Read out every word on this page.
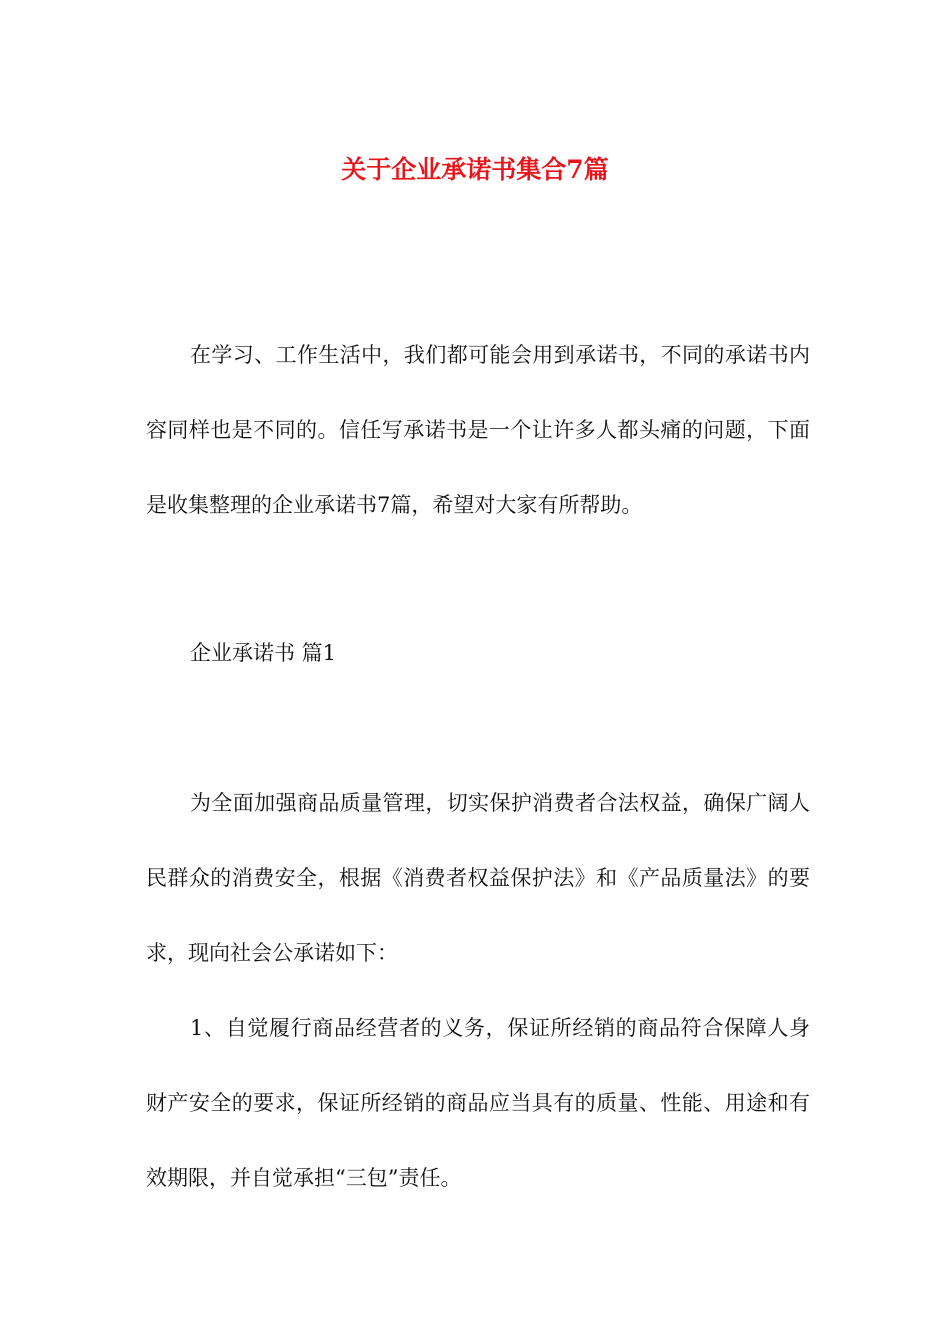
关于企业承诺书集合7篇

在学习、工作生活中，我们都可能会用到承诺书，不同的承诺书内容同样也是不同的。信任写承诺书是一个让许多人都头痛的问题，下面是收集整理的企业承诺书7篇，希望对大家有所帮助。

企业承诺书 篇1

为全面加强商品质量管理，切实保护消费者合法权益，确保广阔人民群众的消费安全，根据《消费者权益保护法》和《产品质量法》的要求，现向社会公承诺如下：

1、自觉履行商品经营者的义务，保证所经销的商品符合保障人身财产安全的要求，保证所经销的商品应当具有的质量、性能、用途和有效期限，并自觉承担“三包”责任。
